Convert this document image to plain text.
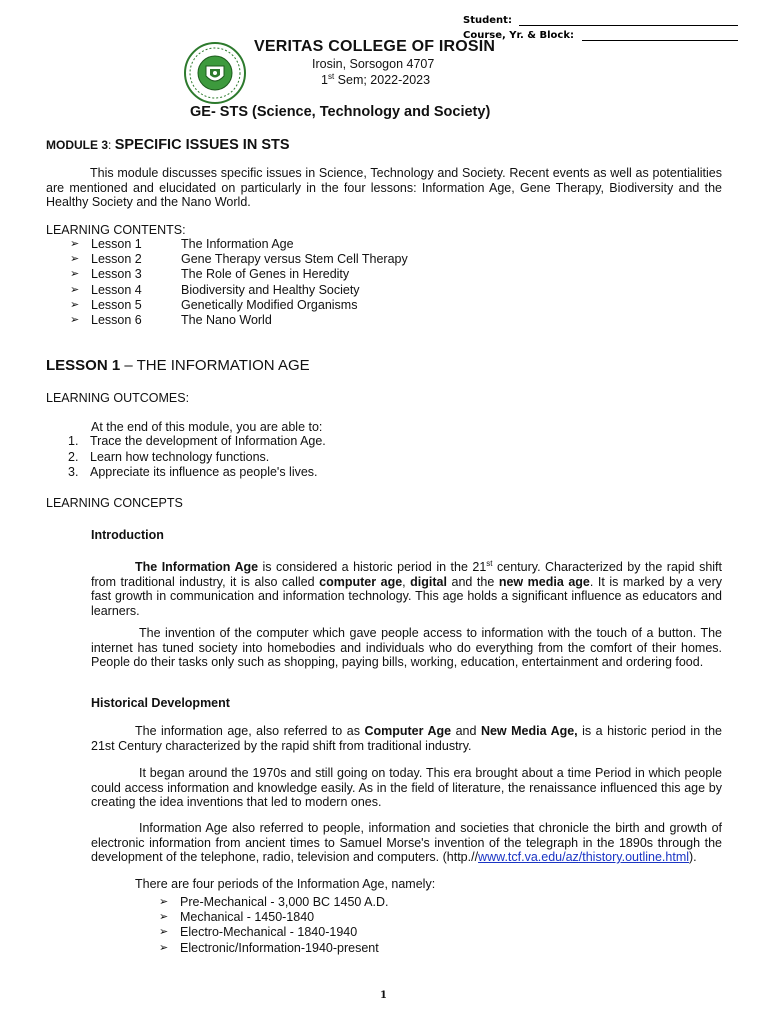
Student:
Course, Yr. & Block:
VERITAS COLLEGE OF IROSIN
Irosin, Sorsogon 4707
1st Sem; 2022-2023
GE- STS (Science, Technology and Society)
MODULE 3: SPECIFIC ISSUES IN STS
This module discusses specific issues in Science, Technology and Society. Recent events as well as potentialities are mentioned and elucidated on particularly in the four lessons: Information Age, Gene Therapy, Biodiversity and the Healthy Society and the Nano World.
LEARNING CONTENTS:
➢ Lesson 1	The Information Age
➢ Lesson 2	Gene Therapy versus Stem Cell Therapy
➢ Lesson 3	The Role of Genes in Heredity
➢ Lesson 4	Biodiversity and Healthy Society
➢ Lesson 5	Genetically Modified Organisms
➢ Lesson 6	The Nano World
LESSON 1 – THE INFORMATION AGE
LEARNING OUTCOMES:
At the end of this module, you are able to:
1. Trace the development of Information Age.
2. Learn how technology functions.
3. Appreciate its influence as people's lives.
LEARNING CONCEPTS
Introduction
The Information Age is considered a historic period in the 21st century. Characterized by the rapid shift from traditional industry, it is also called computer age, digital and the new media age. It is marked by a very fast growth in communication and information technology. This age holds a significant influence as educators and learners.
The invention of the computer which gave people access to information with the touch of a button. The internet has tuned society into homebodies and individuals who do everything from the comfort of their homes. People do their tasks only such as shopping, paying bills, working, education, entertainment and ordering food.
Historical Development
The information age, also referred to as Computer Age and New Media Age, is a historic period in the 21st Century characterized by the rapid shift from traditional industry.
It began around the 1970s and still going on today. This era brought about a time Period in which people could access information and knowledge easily. As in the field of literature, the renaissance influenced this age by creating the idea inventions that led to modern ones.
Information Age also referred to people, information and societies that chronicle the birth and growth of electronic information from ancient times to Samuel Morse's invention of the telegraph in the 1890s through the development of the telephone, radio, television and computers. (http.//www.tcf.va.edu/az/thistory.outline.html).
There are four periods of the Information Age, namely:
➢ Pre-Mechanical - 3,000 BC 1450 A.D.
➢ Mechanical - 1450-1840
➢ Electro-Mechanical - 1840-1940
➢ Electronic/Information-1940-present
1
